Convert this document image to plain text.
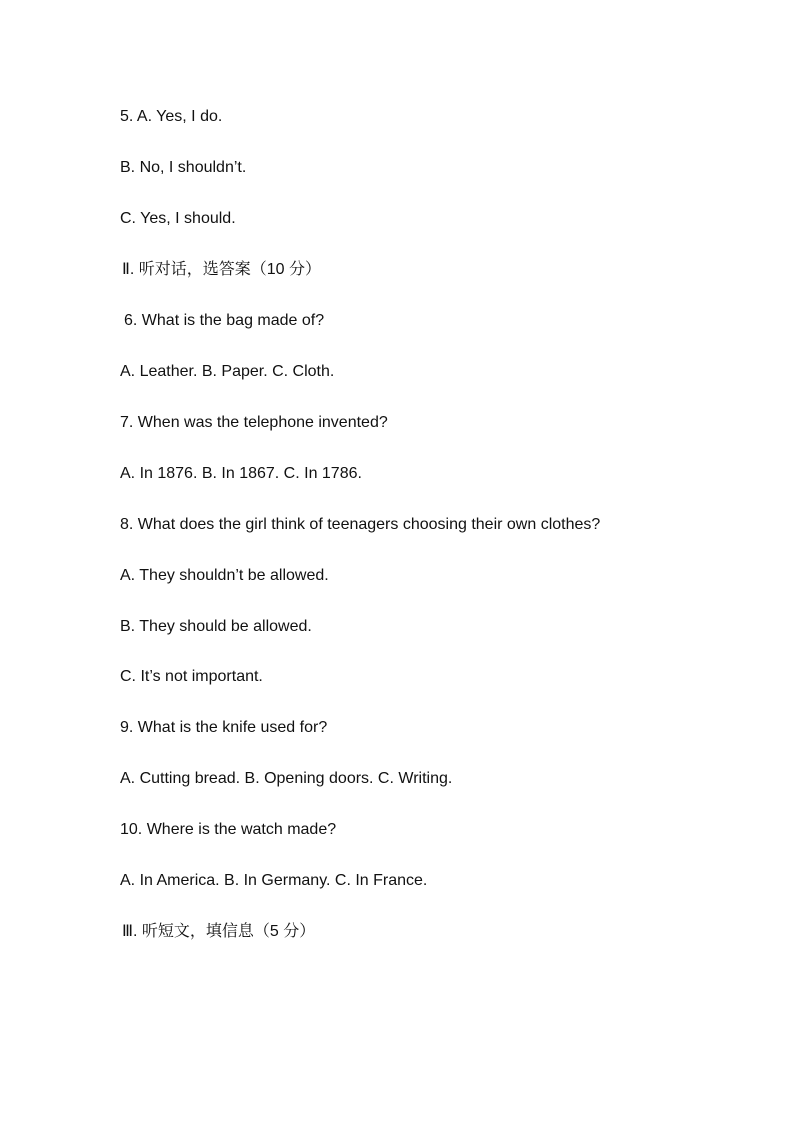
5. A. Yes, I do.
B. No, I shouldn’t.
C. Yes, I should.
Ⅱ. 听对话，选答案（10 分）
6. What is the bag made of?
A. Leather. B. Paper. C. Cloth.
7. When was the telephone invented?
A. In 1876. B. In 1867. C. In 1786.
8. What does the girl think of teenagers choosing their own clothes?
A. They shouldn’t be allowed.
B. They should be allowed.
C. It’s not important.
9. What is the knife used for?
A. Cutting bread. B. Opening doors. C. Writing.
10. Where is the watch made?
A. In America. B. In Germany. C. In France.
Ⅲ. 听短文，填信息（5 分）
